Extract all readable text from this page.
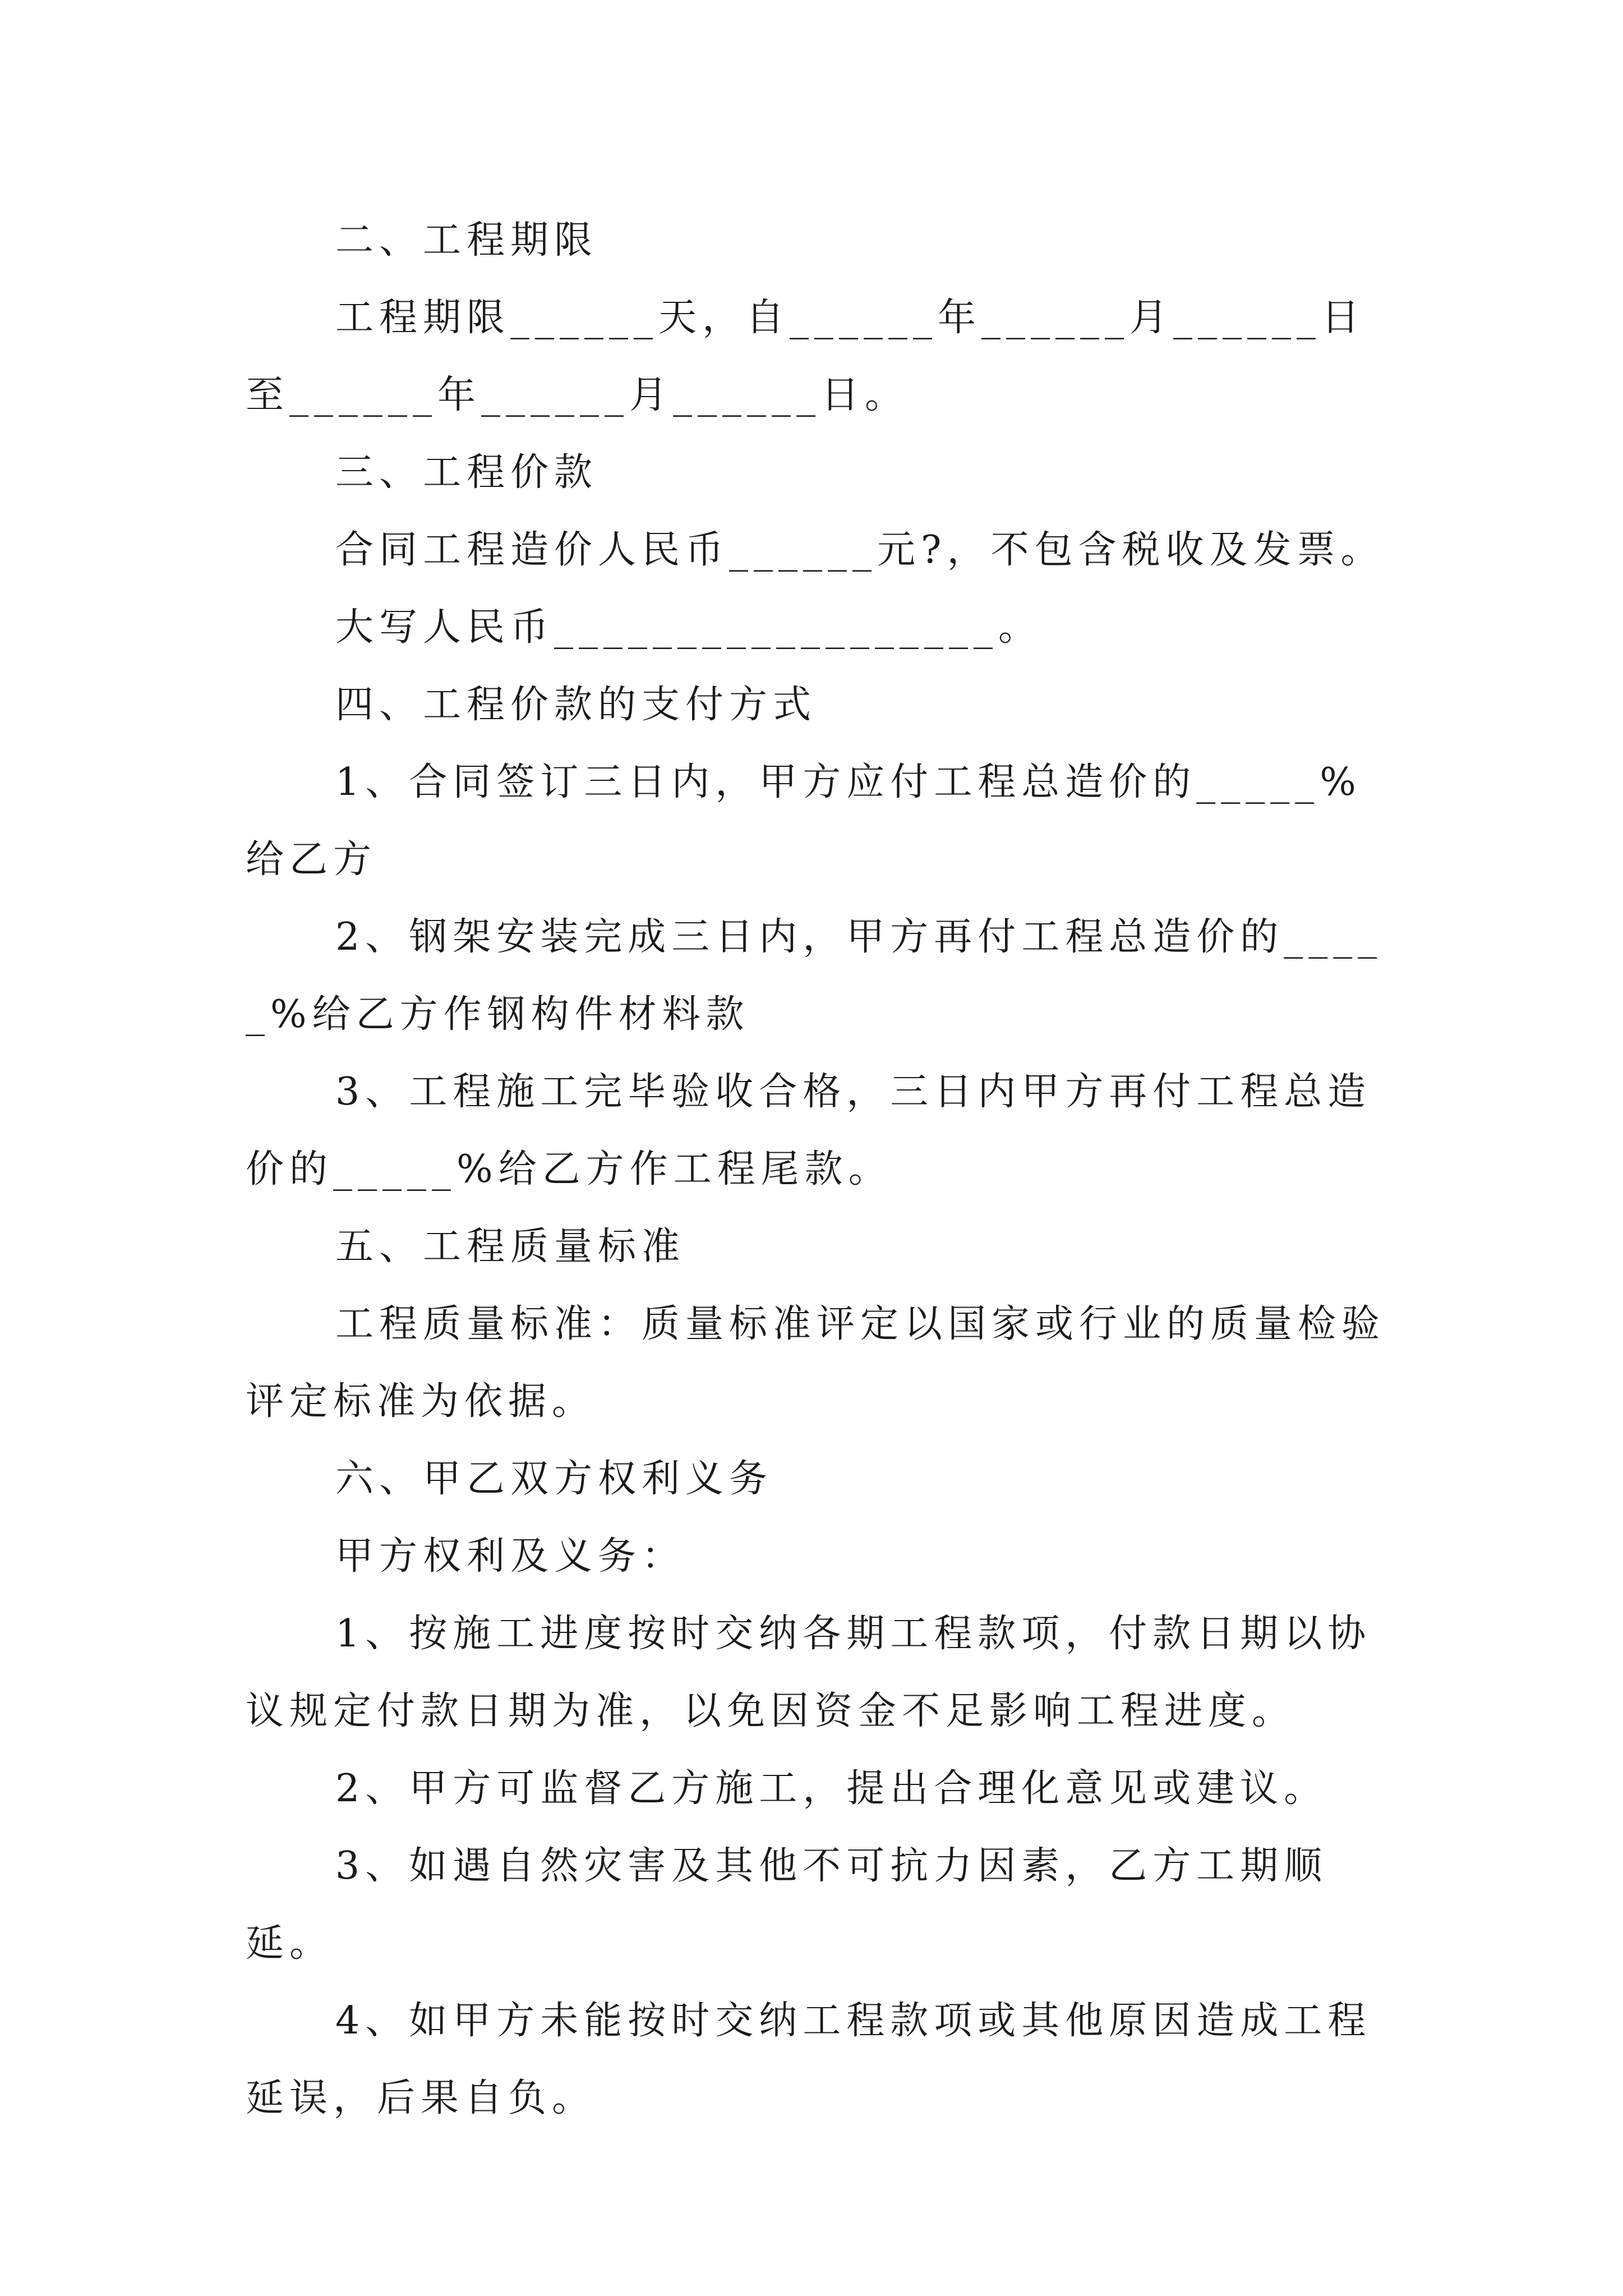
二、工程期限

工程期限______天，自______年______月______日至______年______月______日。

三、工程价款

合同工程造价人民币______元?，不包含税收及发票。

大写人民币__________________。

四、工程价款的支付方式

1、合同签订三日内，甲方应付工程总造价的_____%给乙方

2、钢架安装完成三日内，甲方再付工程总造价的_____%给乙方作钢构件材料款

3、工程施工完毕验收合格，三日内甲方再付工程总造价的_____%给乙方作工程尾款。

五、工程质量标准

工程质量标准：质量标准评定以国家或行业的质量检验评定标准为依据。

六、甲乙双方权利义务

甲方权利及义务：

1、按施工进度按时交纳各期工程款项，付款日期以协议规定付款日期为准，以免因资金不足影响工程进度。

2、甲方可监督乙方施工，提出合理化意见或建议。

3、如遇自然灾害及其他不可抗力因素，乙方工期顺延。

4、如甲方未能按时交纳工程款项或其他原因造成工程延误，后果自负。
